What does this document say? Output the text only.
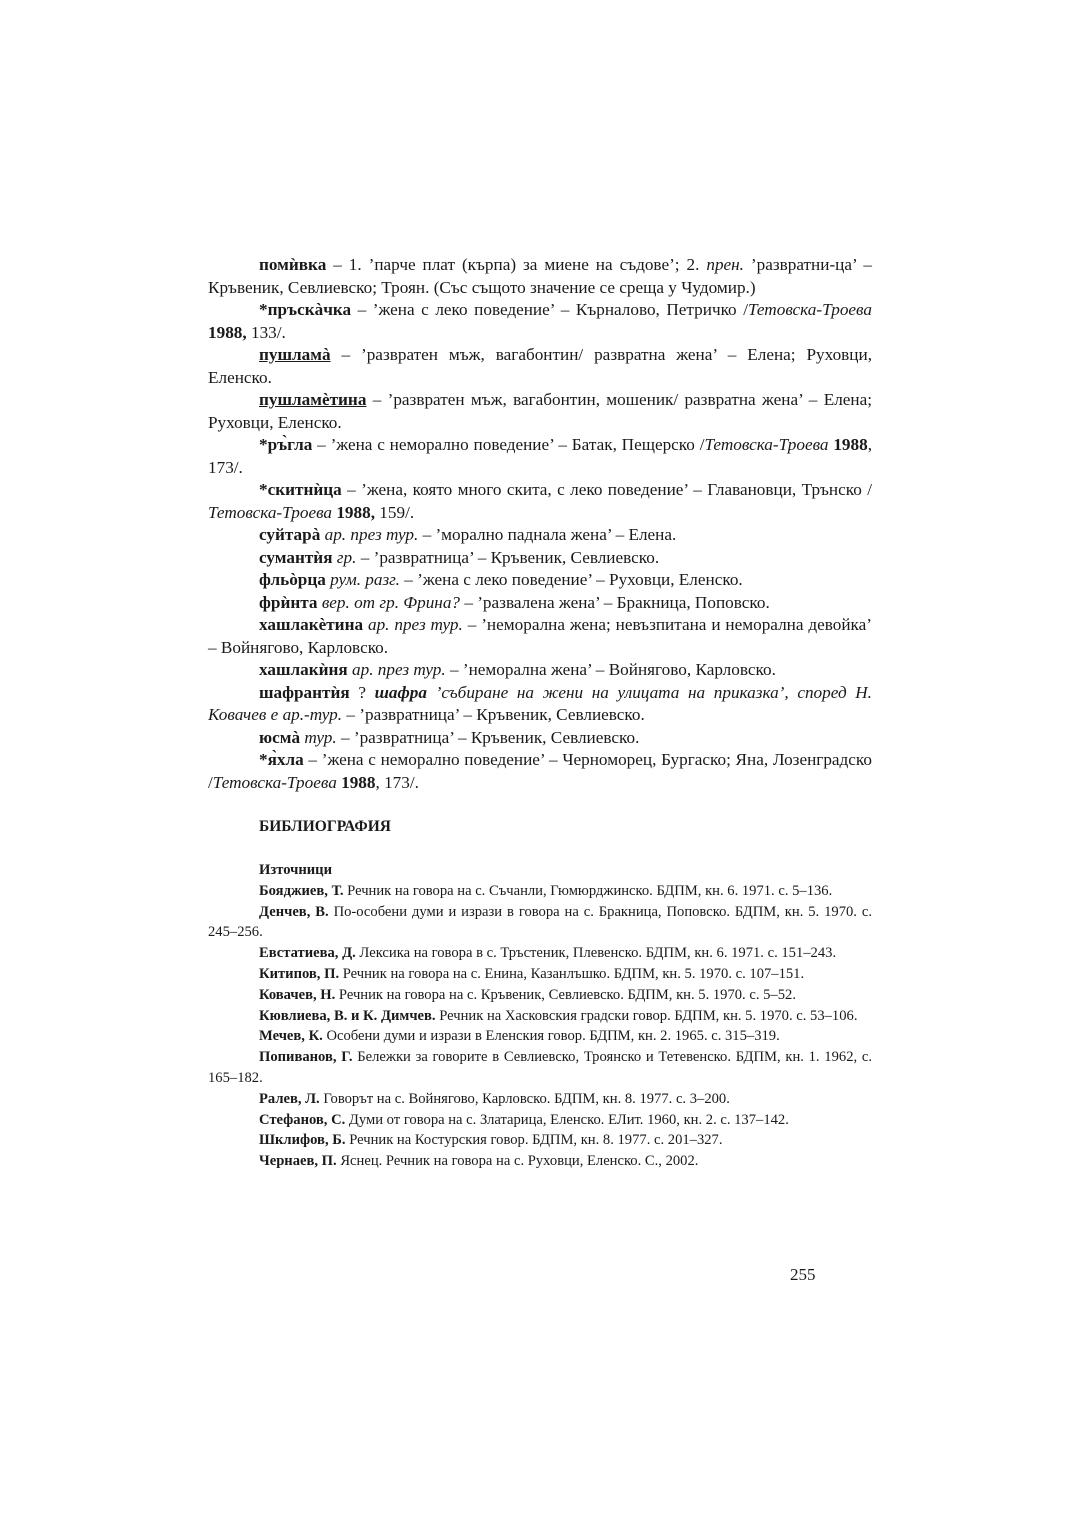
помѝвка – 1. ’парче плат (кърпа) за миене на съдове’; 2. прен. ’развратни-ца’ – Кръвеник, Севлиевско; Троян. (Със същото значение се среща у Чудомир.)

*пръскàчка – ’жена с леко поведение’ – Кърналово, Петричко /Тетовска-Троева 1988, 133/.

пушламà – ’развратен мъж, вагабонтин/ развратна жена’ – Елена; Руховци, Еленско.

пушламèтина – ’развратен мъж, вагабонтин, мошеник/ развратна жена’ – Елена; Руховци, Еленско.

*ръ̀гла – ’жена с неморално поведение’ – Батак, Пещерско /Тетовска-Троева 1988, 173/.

*скитнѝца – ’жена, която много скита, с леко поведение’ – Главановци, Трънско /Тетовска-Троева 1988, 159/.

суйтарà ар. през тур. – ’морално паднала жена’ – Елена.

сумантѝя гр. – ’развратница’ – Кръвеник, Севлиевско.

фльòрца рум. разг. – ’жена с леко поведение’ – Руховци, Еленско.

фрѝнта вер. от гр. Фрина? – ’развалена жена’ – Бракница, Поповско.

хашлакèтина ар. през тур. – ’неморална жена; невъзпитана и неморална девойка’ – Войнягово, Карловско.

хашлакѝня ар. през тур. – ’неморална жена’ – Войнягово, Карловско.

шафрантѝя ? шафра ’събиране на жени на улицата на приказка’, според Н. Ковачев е ар.-тур. – ’развратница’ – Кръвеник, Севлиевско.

юсмà тур. – ’развратница’ – Кръвеник, Севлиевско.

*я̀хла – ’жена с неморално поведение’ – Черноморец, Бургаско; Яна, Лозенградско /Тетовска-Троева 1988, 173/.

БИБЛИОГРАФИЯ

Източници

Бояджиев, Т. Речник на говора на с. Съчанли, Гюмюрджинско. БДПМ, кн. 6. 1971. с. 5–136.

Денчев, В. По-особени думи и изрази в говора на с. Бракница, Поповско. БДПМ, кн. 5. 1970. с. 245–256.

Евстатиева, Д. Лексика на говора в с. Тръстеник, Плевенско. БДПМ, кн. 6. 1971. с. 151–243.

Китипов, П. Речник на говора на с. Енина, Казанлъшко. БДПМ, кн. 5. 1970. с. 107–151.

Ковачев, Н. Речник на говора на с. Кръвеник, Севлиевско. БДПМ, кн. 5. 1970. с. 5–52.

Кювлиева, В. и К. Димчев. Речник на Хасковския градски говор. БДПМ, кн. 5. 1970. с. 53–106.

Мечев, К. Особени думи и изрази в Еленския говор. БДПМ, кн. 2. 1965. с. 315–319.

Попиванов, Г. Бележки за говорите в Севлиевско, Троянско и Тетевенско. БДПМ, кн. 1. 1962, с. 165–182.

Ралев, Л. Говорът на с. Войнягово, Карловско. БДПМ, кн. 8. 1977. с. 3–200.

Стефанов, С. Думи от говора на с. Златарица, Еленско. ЕЛит. 1960, кн. 2. с. 137–142.

Шклифов, Б. Речник на Костурския говор. БДПМ, кн. 8. 1977. с. 201–327.

Чернаев, П. Яснец. Речник на говора на с. Руховци, Еленско. С., 2002.

255
